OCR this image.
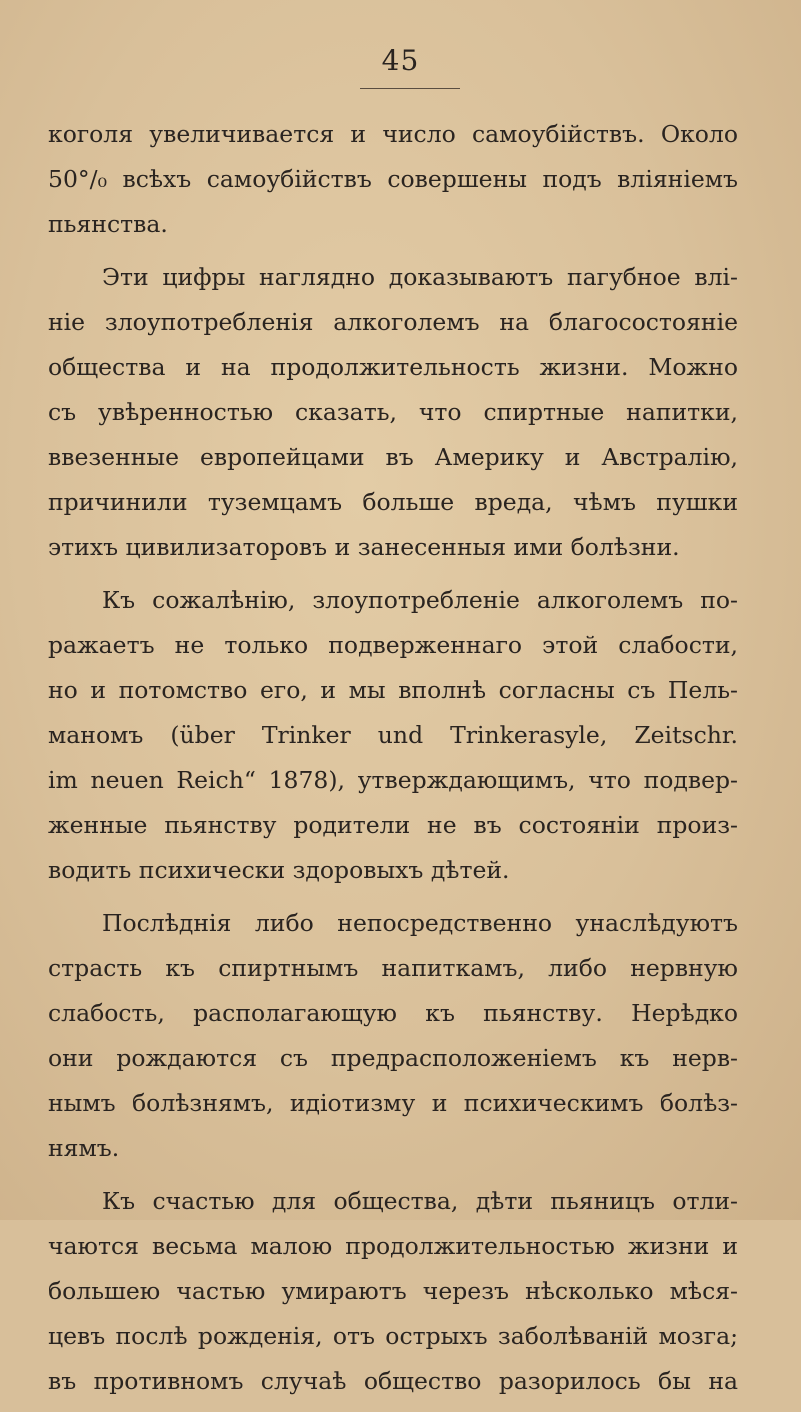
45
коголя увеличивается и число самоубійствъ. Около
50°/₀ всѣхъ самоубійствъ совершены подъ вліяніемъ
пьянства.
Эти цифры наглядно доказываютъ пагубное влі-
ніе злоупотребленія алкоголемъ на благосостояніе
общества и на продолжительность жизни. Можно
съ увѣренностью сказать, что спиртные напитки,
ввезенные европейцами въ Америку и Австралію,
причинили туземцамъ больше вреда, чѣмъ пушки
этихъ цивилизаторовъ и занесенныя ими болѣзни.
Къ сожалѣнію, злоупотребленіе алкоголемъ по-
ражаетъ не только подверженнаго этой слабости,
но и потомство его, и мы вполнѣ согласны съ Пель-
маномъ (über Trinker und Trinkerasyle, Zeitschr.
im neuen Reich“ 1878), утверждающимъ, что подвер-
женные пьянству родители не въ состояніи произ-
водить психически здоровыхъ дѣтей.
Послѣднія либо непосредственно унаслѣдуютъ
страсть къ спиртнымъ напиткамъ, либо нервную
слабость, располагающую къ пьянству. Нерѣдко
они рождаются съ предрасположеніемъ къ нерв-
нымъ болѣзнямъ, идіотизму и психическимъ болѣз-
нямъ.
Къ счастью для общества, дѣти пьяницъ отли-
чаются весьма малою продолжительностью жизни и
большею частью умираютъ черезъ нѣсколько мѣся-
цевъ послѣ рожденія, отъ острыхъ заболѣваній мозга;
въ противномъ случаѣ общество разорилось бы на
